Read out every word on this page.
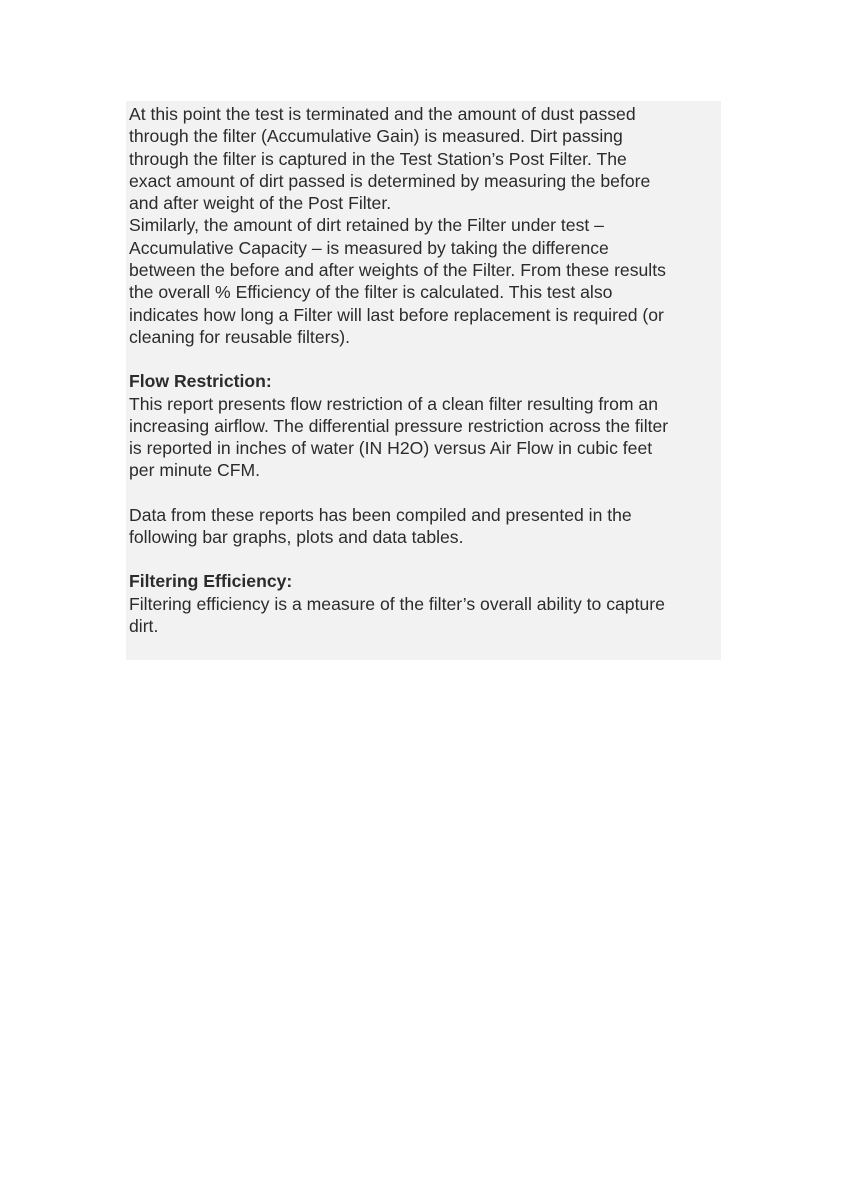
At this point the test is terminated and the amount of dust passed
through the filter (Accumulative Gain) is measured. Dirt passing
through the filter is captured in the Test Station’s Post Filter. The
exact amount of dirt passed is determined by measuring the before
and after weight of the Post Filter.
Similarly, the amount of dirt retained by the Filter under test –
Accumulative Capacity – is measured by taking the difference
between the before and after weights of the Filter. From these results
the overall % Efficiency of the filter is calculated. This test also
indicates how long a Filter will last before replacement is required (or
cleaning for reusable filters).
Flow Restriction:
This report presents flow restriction of a clean filter resulting from an
increasing airflow. The differential pressure restriction across the filter
is reported in inches of water (IN H2O) versus Air Flow in cubic feet
per minute CFM.
Data from these reports has been compiled and presented in the
following bar graphs, plots and data tables.
Filtering Efficiency:
Filtering efficiency is a measure of the filter’s overall ability to capture
dirt.
